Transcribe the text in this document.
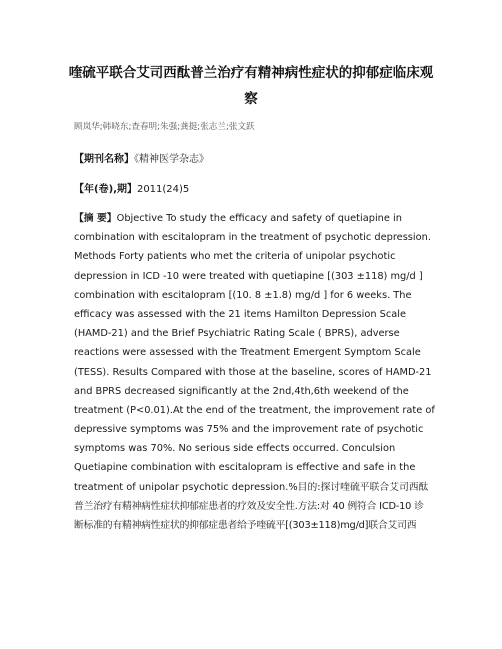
喹硫平联合艾司西酞普兰治疗有精神病性症状的抑郁症临床观
察
顾岚华;韩晓东;查春明;朱强;龚挺;张志兰;张文跃
【期刊名称】《精神医学杂志》
【年(卷),期】2011(24)5
【摘 要】Objective To study the efficacy and safety of quetiapine in
combination with escitalopram in the treatment of psychotic depression.
Methods Forty patients who met the criteria of unipolar psychotic
depression in ICD -10 were treated with quetiapine [(303 ±118) mg/d ]
combination with escitalopram [(10. 8 ±1.8) mg/d ] for 6 weeks. The
efficacy was assessed with the 21 items Hamilton Depression Scale
(HAMD-21) and the Brief Psychiatric Rating Scale ( BPRS), adverse
reactions were assessed with the Treatment Emergent Symptom Scale
(TESS). Results Compared with those at the baseline, scores of HAMD-21
and BPRS decreased significantly at the 2nd,4th,6th weekend of the
treatment (P<0.01).At the end of the treatment, the improvement rate of
depressive symptoms was 75% and the improvement rate of psychotic
symptoms was 70%. No serious side effects occurred. Conculsion
Quetiapine combination with escitalopram is effective and safe in the
treatment of unipolar psychotic depression.%目的:探讨喹硫平联合艾司西酞
普兰治疗有精神病性症状抑郁症患者的疗效及安全性.方法:对 40 例符合 ICD-10 诊
断标准的有精神病性症状的抑郁症患者给予喹硫平[(303±118)mg/d]联合艾司西
